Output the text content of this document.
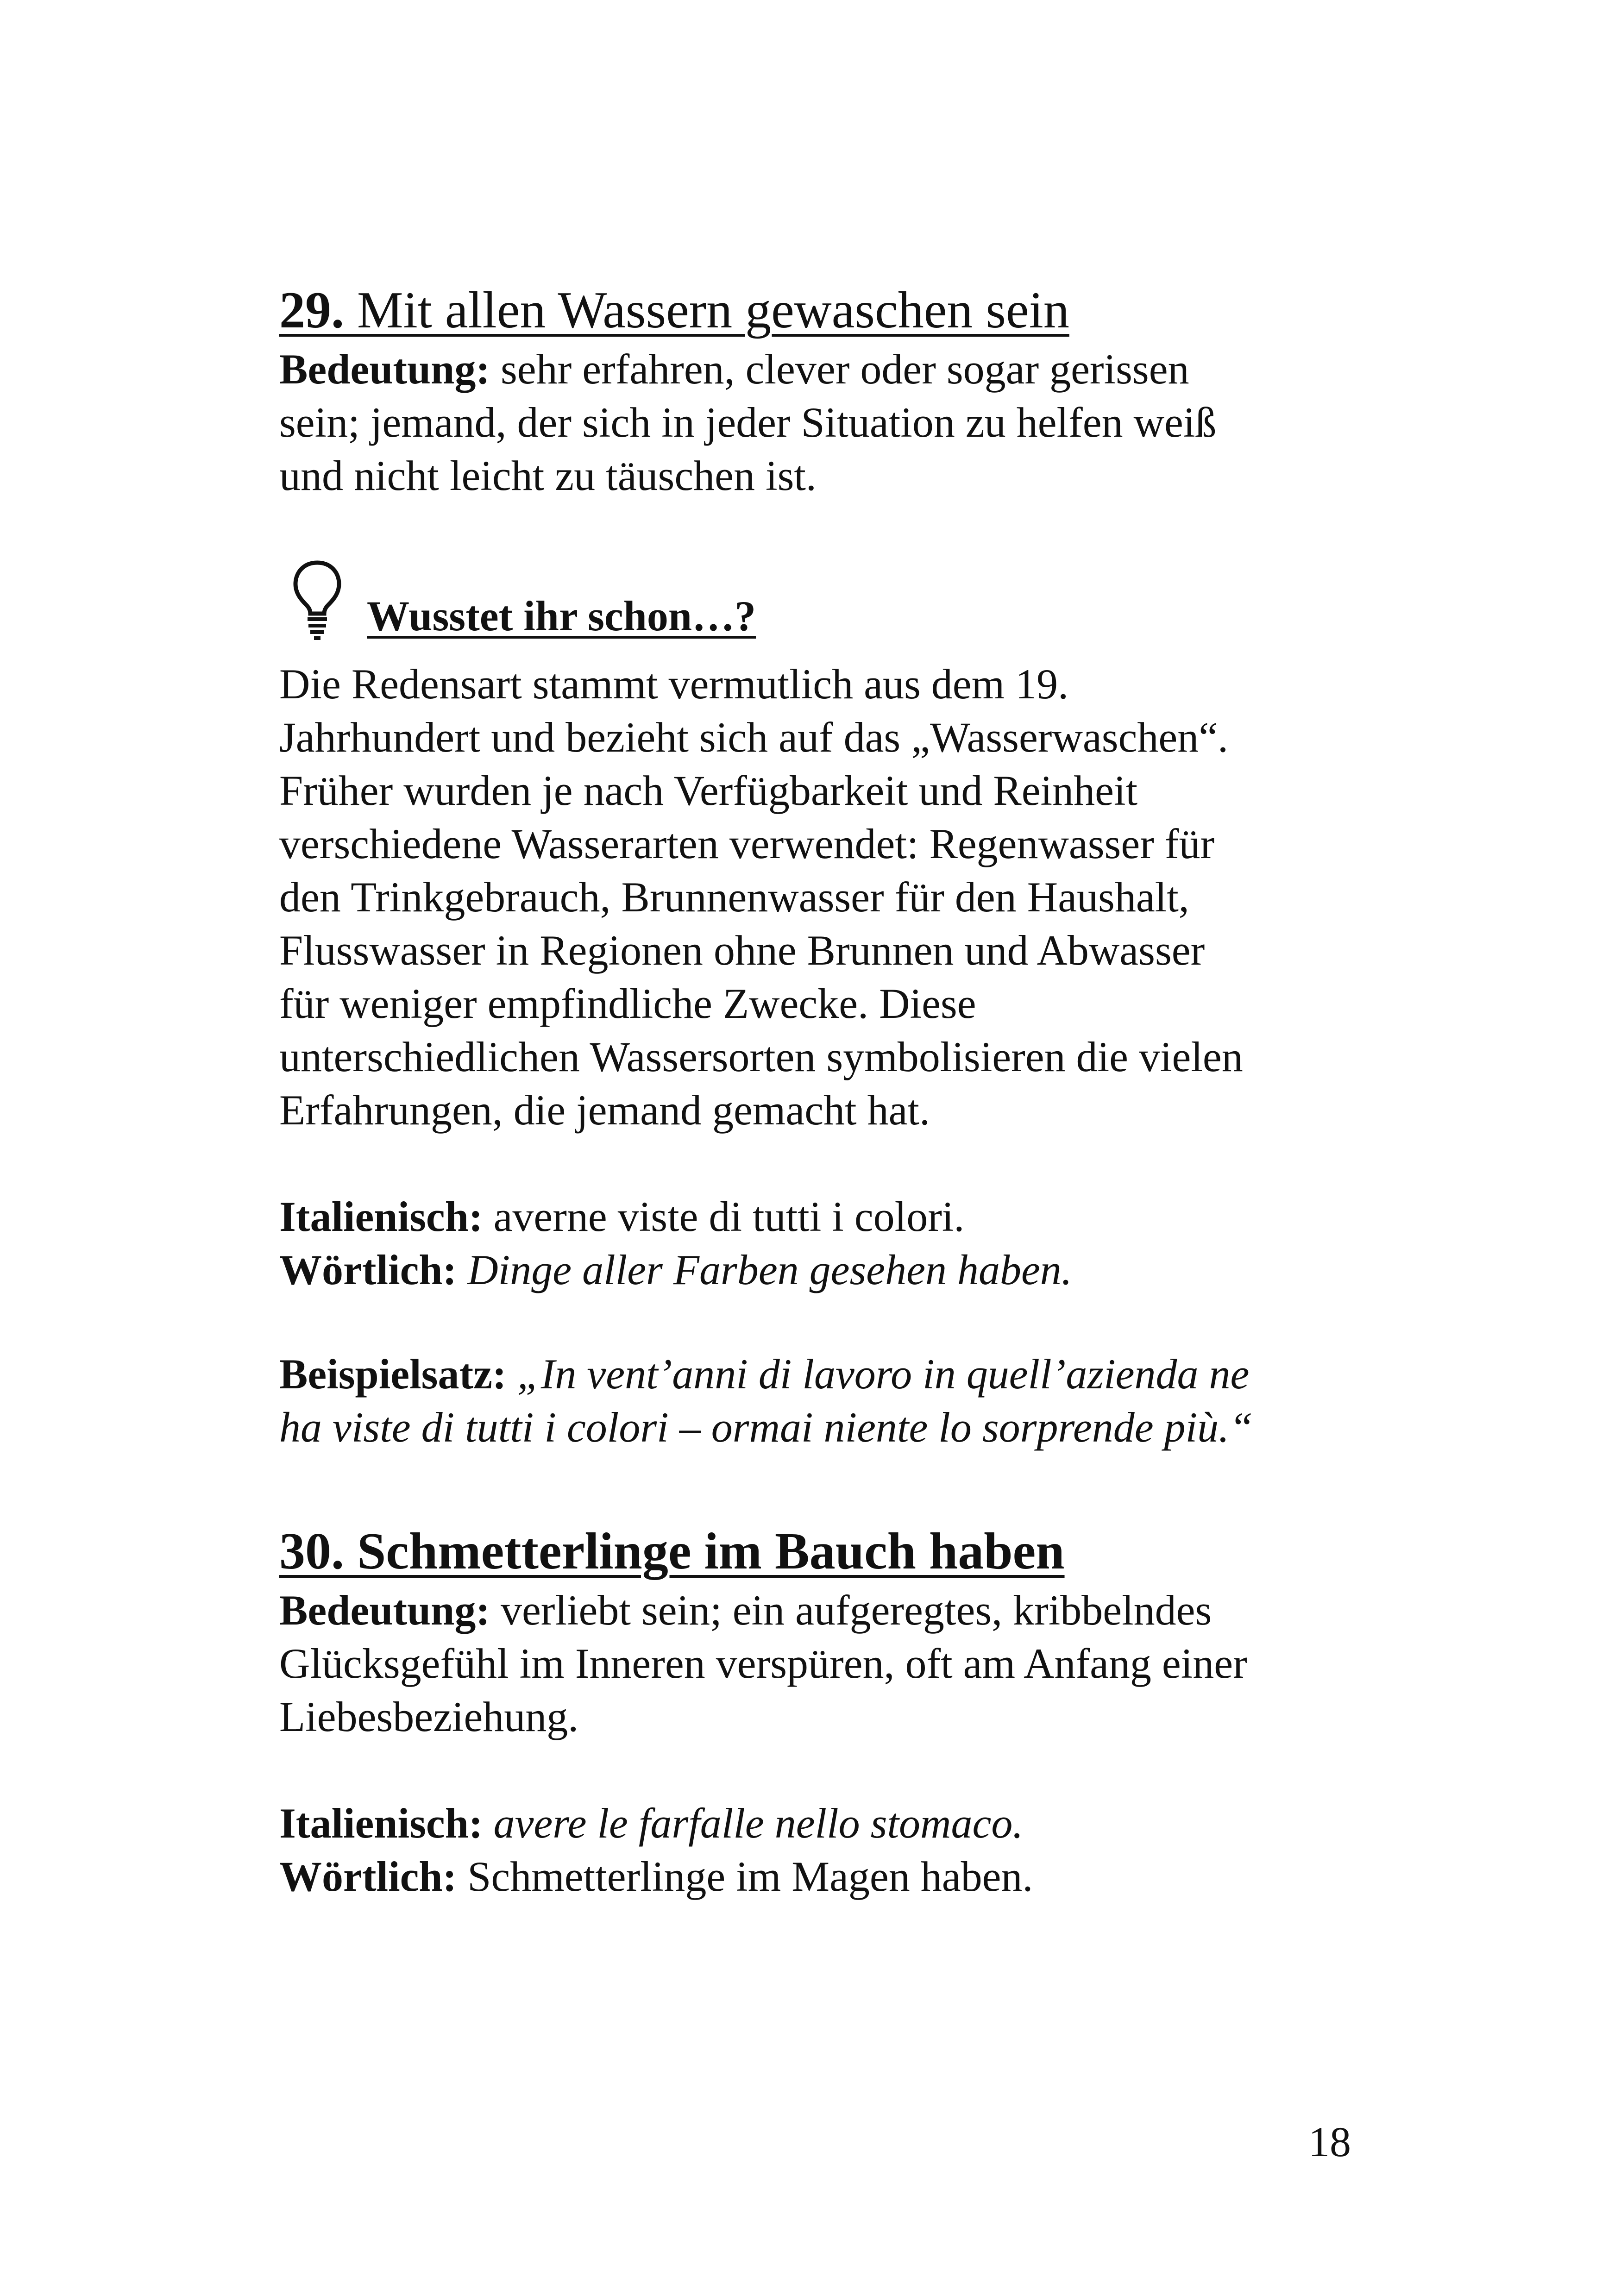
29. Mit allen Wassern gewaschen sein

Bedeutung: sehr erfahren, clever oder sogar gerissen
sein; jemand, der sich in jeder Situation zu helfen weiß
und nicht leicht zu täuschen ist.

Wusstet ihr schon…?

Die Redensart stammt vermutlich aus dem 19.
Jahrhundert und bezieht sich auf das „Wasserwaschen“.
Früher wurden je nach Verfügbarkeit und Reinheit
verschiedene Wasserarten verwendet: Regenwasser für
den Trinkgebrauch, Brunnenwasser für den Haushalt,
Flusswasser in Regionen ohne Brunnen und Abwasser
für weniger empfindliche Zwecke. Diese
unterschiedlichen Wassersorten symbolisieren die vielen
Erfahrungen, die jemand gemacht hat.

Italienisch: averne viste di tutti i colori.
Wörtlich: Dinge aller Farben gesehen haben.

Beispielsatz: „In vent’anni di lavoro in quell’azienda ne
ha viste di tutti i colori – ormai niente lo sorprende più.“

30. Schmetterlinge im Bauch haben

Bedeutung: verliebt sein; ein aufgeregtes, kribbelndes
Glücksgefühl im Inneren verspüren, oft am Anfang einer
Liebesbeziehung.

Italienisch: avere le farfalle nello stomaco.
Wörtlich: Schmetterlinge im Magen haben.

18
